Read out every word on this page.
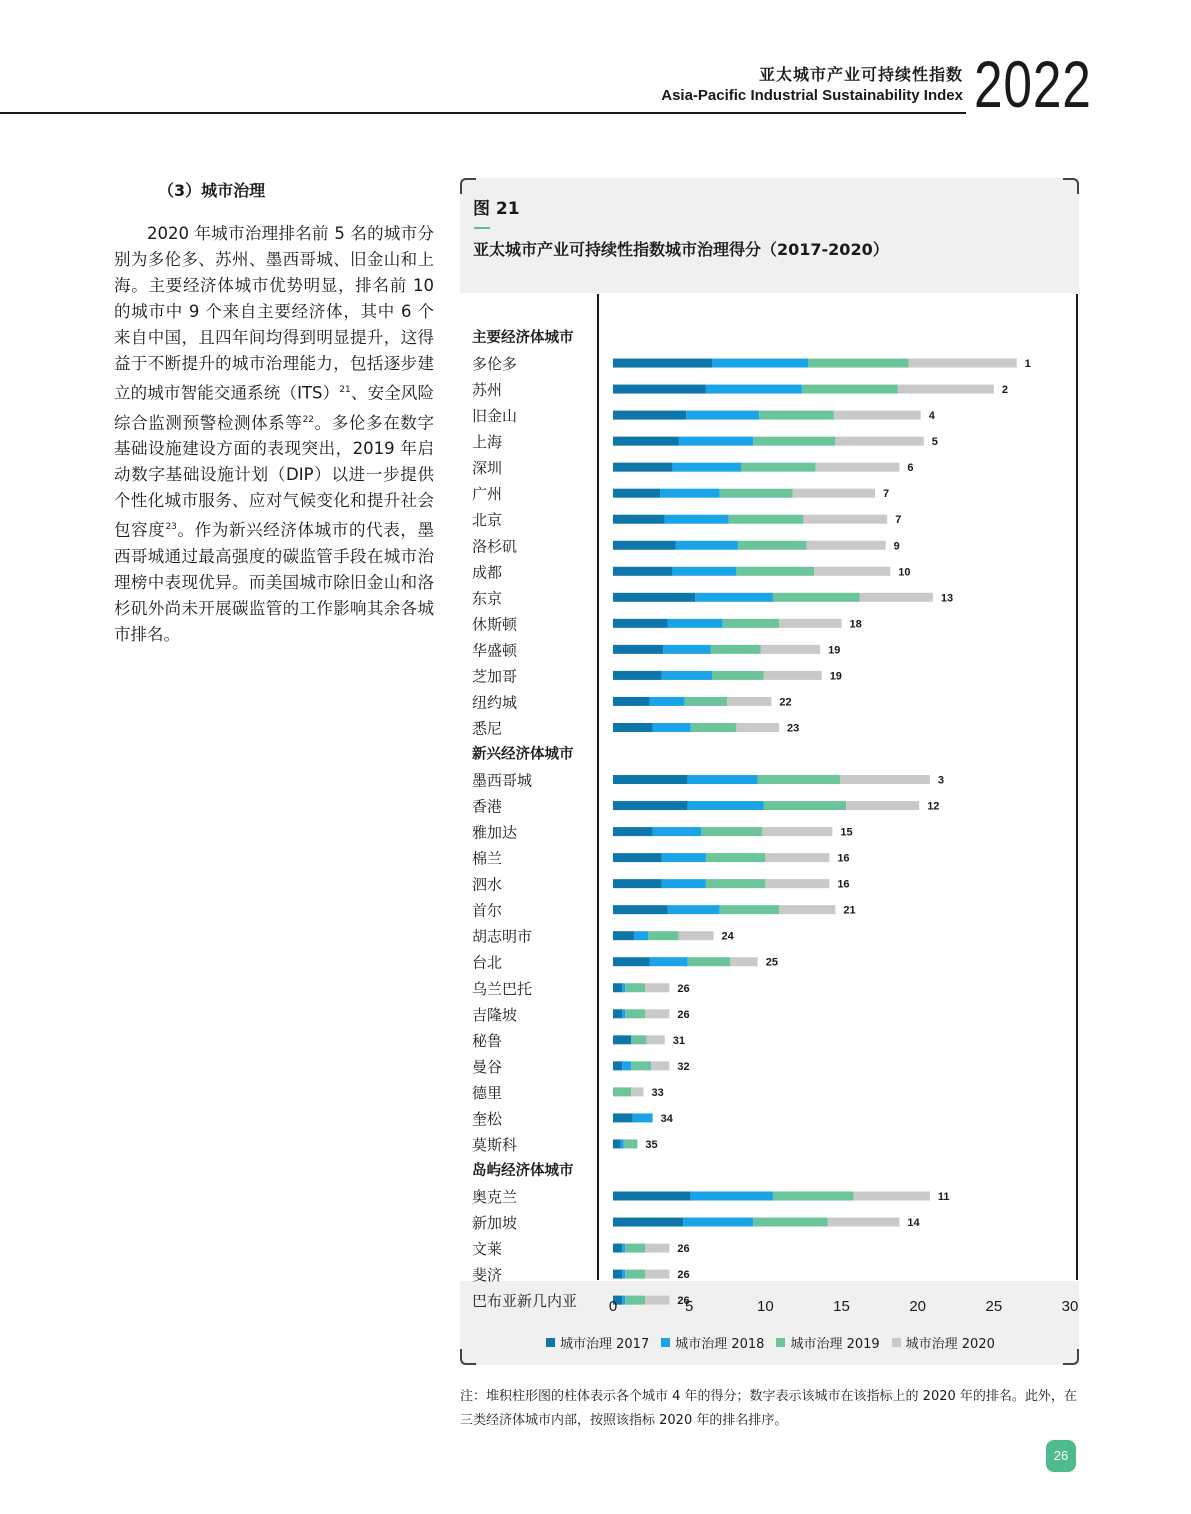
亚太城市产业可持续性指数
Asia-Pacific Industrial Sustainability Index 2022
（3）城市治理
2020 年城市治理排名前 5 名的城市分别为多伦多、苏州、墨西哥城、旧金山和上海。主要经济体城市优势明显，排名前 10 的城市中 9 个来自主要经济体，其中 6 个来自中国，且四年间均得到明显提升，这得益于不断提升的城市治理能力，包括逐步建立的城市智能交通系统（ITS）$^{21}$、安全风险综合监测预警检测体系等$^{22}$。多伦多在数字基础设施建设方面的表现突出，2019 年启动数字基础设施计划（DIP）以进一步提供个性化城市服务、应对气候变化和提升社会包容度$^{23}$。作为新兴经济体城市的代表，墨西哥城通过最高强度的碳监管手段在城市治理榜中表现优异。而美国城市除旧金山和洛杉矶外尚未开展碳监管的工作影响其余各城市排名。
图 21
亚太城市产业可持续性指数城市治理得分（2017-2020）
主要经济体城市
多伦多	1
苏州	2
旧金山	4
上海	5
深圳	6
广州	7
北京	7
洛杉矶	9
成都	10
东京	13
休斯顿	18
华盛顿	19
芝加哥	19
纽约城	22
悉尼	23
新兴经济体城市
墨西哥城	3
香港	12
雅加达	15
棉兰	16
泗水	16
首尔	21
胡志明市	24
台北	25
乌兰巴托	26
吉隆坡	26
秘鲁	31
曼谷	32
德里	33
奎松	34
莫斯科	35
岛屿经济体城市
奥克兰	11
新加坡	14
文莱	26
斐济	26
巴布亚新几内亚	26
0	5	10	15	20	25	30
城市治理 2017 城市治理 2018 城市治理 2019 城市治理 2020
注：堆积柱形图的柱体表示各个城市 4 年的得分；数字表示该城市在该指标上的 2020 年的排名。此外，在三类经济体城市内部，按照该指标 2020 年的排名排序。
26
